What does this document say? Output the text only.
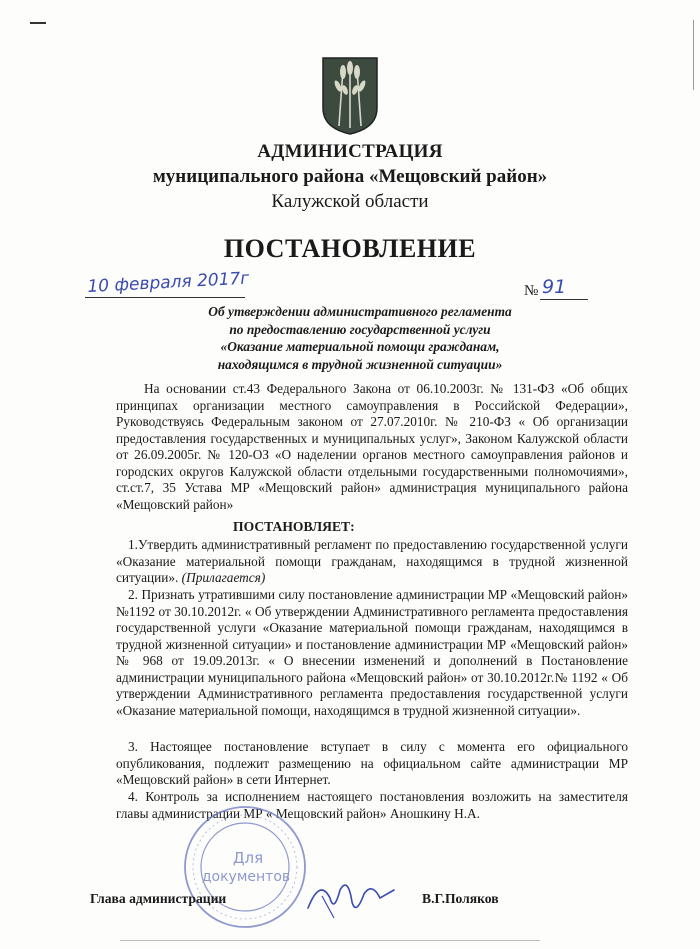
АДМИНИСТРАЦИЯ
муниципального района «Мещовский район»
Калужской области
ПОСТАНОВЛЕНИЕ
10 февраля 2017г	№ 91
Об утверждении административного регламента
по предоставлению государственной услуги
«Оказание материальной помощи гражданам,
находящимся в трудной жизненной ситуации»
На основании ст.43 Федерального Закона от 06.10.2003г. № 131-ФЗ «Об общих принципах организации местного самоуправления в Российской Федерации», Руководствуясь Федеральным законом от 27.07.2010г. № 210-ФЗ « Об организации предоставления государственных и муниципальных услуг», Законом Калужской области от 26.09.2005г. № 120-ОЗ «О наделении органов местного самоуправления районов и городских округов Калужской области отдельными государственными полномочиями», ст.ст.7, 35 Устава МР «Мещовский район» администрация муниципального района «Мещовский район»
ПОСТАНОВЛЯЕТ:
1.Утвердить административный регламент по предоставлению государственной услуги «Оказание материальной помощи гражданам, находящимся в трудной жизненной ситуации». (Прилагается)
2. Признать утратившими силу постановление администрации МР «Мещовский район» №1192 от 30.10.2012г. « Об утверждении Административного регламента предоставления государственной услуги «Оказание материальной помощи гражданам, находящимся в трудной жизненной ситуации» и постановление администрации МР «Мещовский район» № 968 от 19.09.2013г. « О внесении изменений и дополнений в Постановление администрации муниципального района «Мещовский район» от 30.10.2012г.№ 1192 « Об утверждении Административного регламента предоставления государственной услуги «Оказание материальной помощи, находящимся в трудной жизненной ситуации».
3. Настоящее постановление вступает в силу с момента его официального опубликования, подлежит размещению на официальном сайте администрации МР «Мещовский район» в сети Интернет.
4. Контроль за исполнением настоящего постановления возложить на заместителя главы администрации МР « Мещовский район» Аношкину Н.А.
Для
документов
Глава администрации	В.Г.Поляков
